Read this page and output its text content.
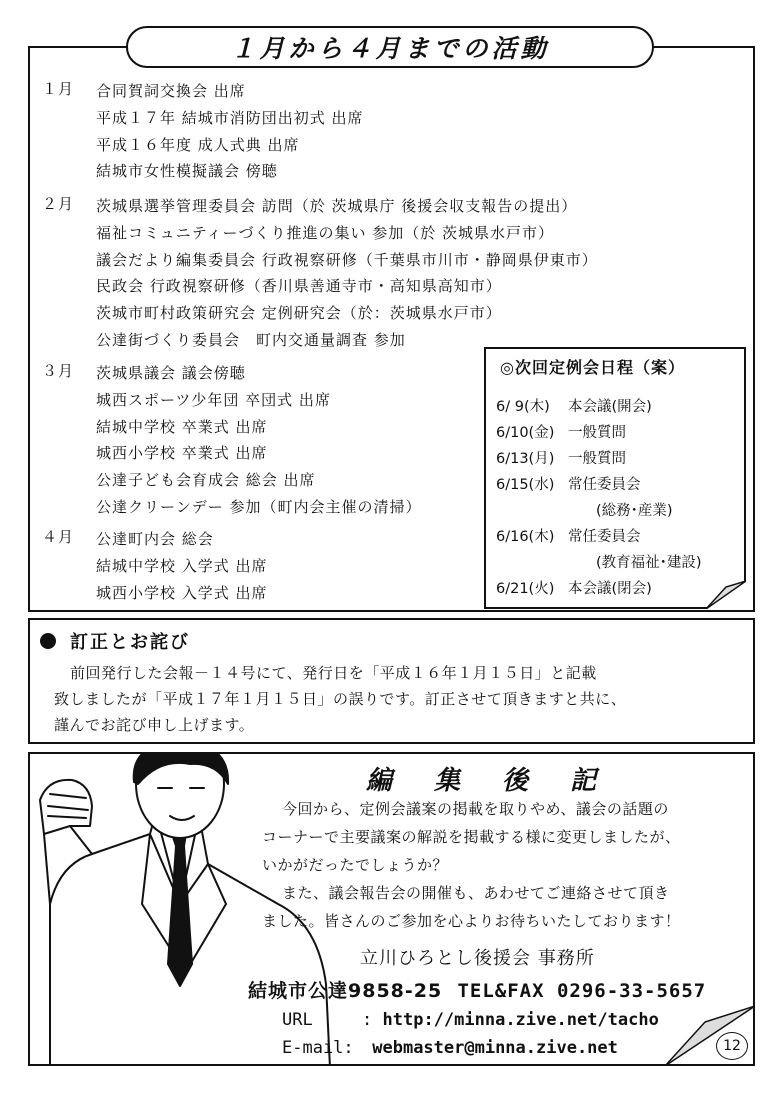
１月から４月までの活動
１月	合同賀詞交換会 出席
平成１７年 結城市消防団出初式 出席
平成１６年度 成人式典 出席
結城市女性模擬議会 傍聴
２月	茨城県選挙管理委員会 訪問（於 茨城県庁 後援会収支報告の提出）
福祉コミュニティーづくり推進の集い 参加（於 茨城県水戸市）
議会だより編集委員会 行政視察研修（千葉県市川市・静岡県伊東市）
民政会 行政視察研修（香川県善通寺市・高知県高知市）
茨城市町村政策研究会 定例研究会（於：茨城県水戸市）
公達街づくり委員会　町内交通量調査 参加
３月	茨城県議会 議会傍聴
城西スポーツ少年団 卒団式 出席
結城中学校 卒業式 出席
城西小学校 卒業式 出席
公達子ども会育成会 総会 出席
公達クリーンデー 参加（町内会主催の清掃）
４月	公達町内会 総会
結城中学校 入学式 出席
城西小学校 入学式 出席
◎次回定例会日程（案）
6/ 9(木) 本会議(開会)
6/10(金) 一般質問
6/13(月) 一般質問
6/15(水) 常任委員会
(総務･産業)
6/16(木) 常任委員会
(教育福祉･建設)
6/21(火) 本会議(閉会)
訂正とお詫び
前回発行した会報－１４号にて、発行日を「平成１６年１月１５日」と記載
致しましたが「平成１７年１月１５日」の誤りです。訂正させて頂きますと共に、
謹んでお詫び申し上げます。
編集後記
今回から、定例会議案の掲載を取りやめ、議会の話題の
コーナーで主要議案の解説を掲載する様に変更しましたが、
いかがだったでしょうか？
また、議会報告会の開催も、あわせてご連絡させて頂き
ました。皆さんのご参加を心よりお待ちいたしております！
立川ひろとし後援会 事務所
結城市公達9858-25 TEL&FAX 0296-33-5657
URL	: http://minna.zive.net/tacho
E-mail: webmaster@minna.zive.net	12
